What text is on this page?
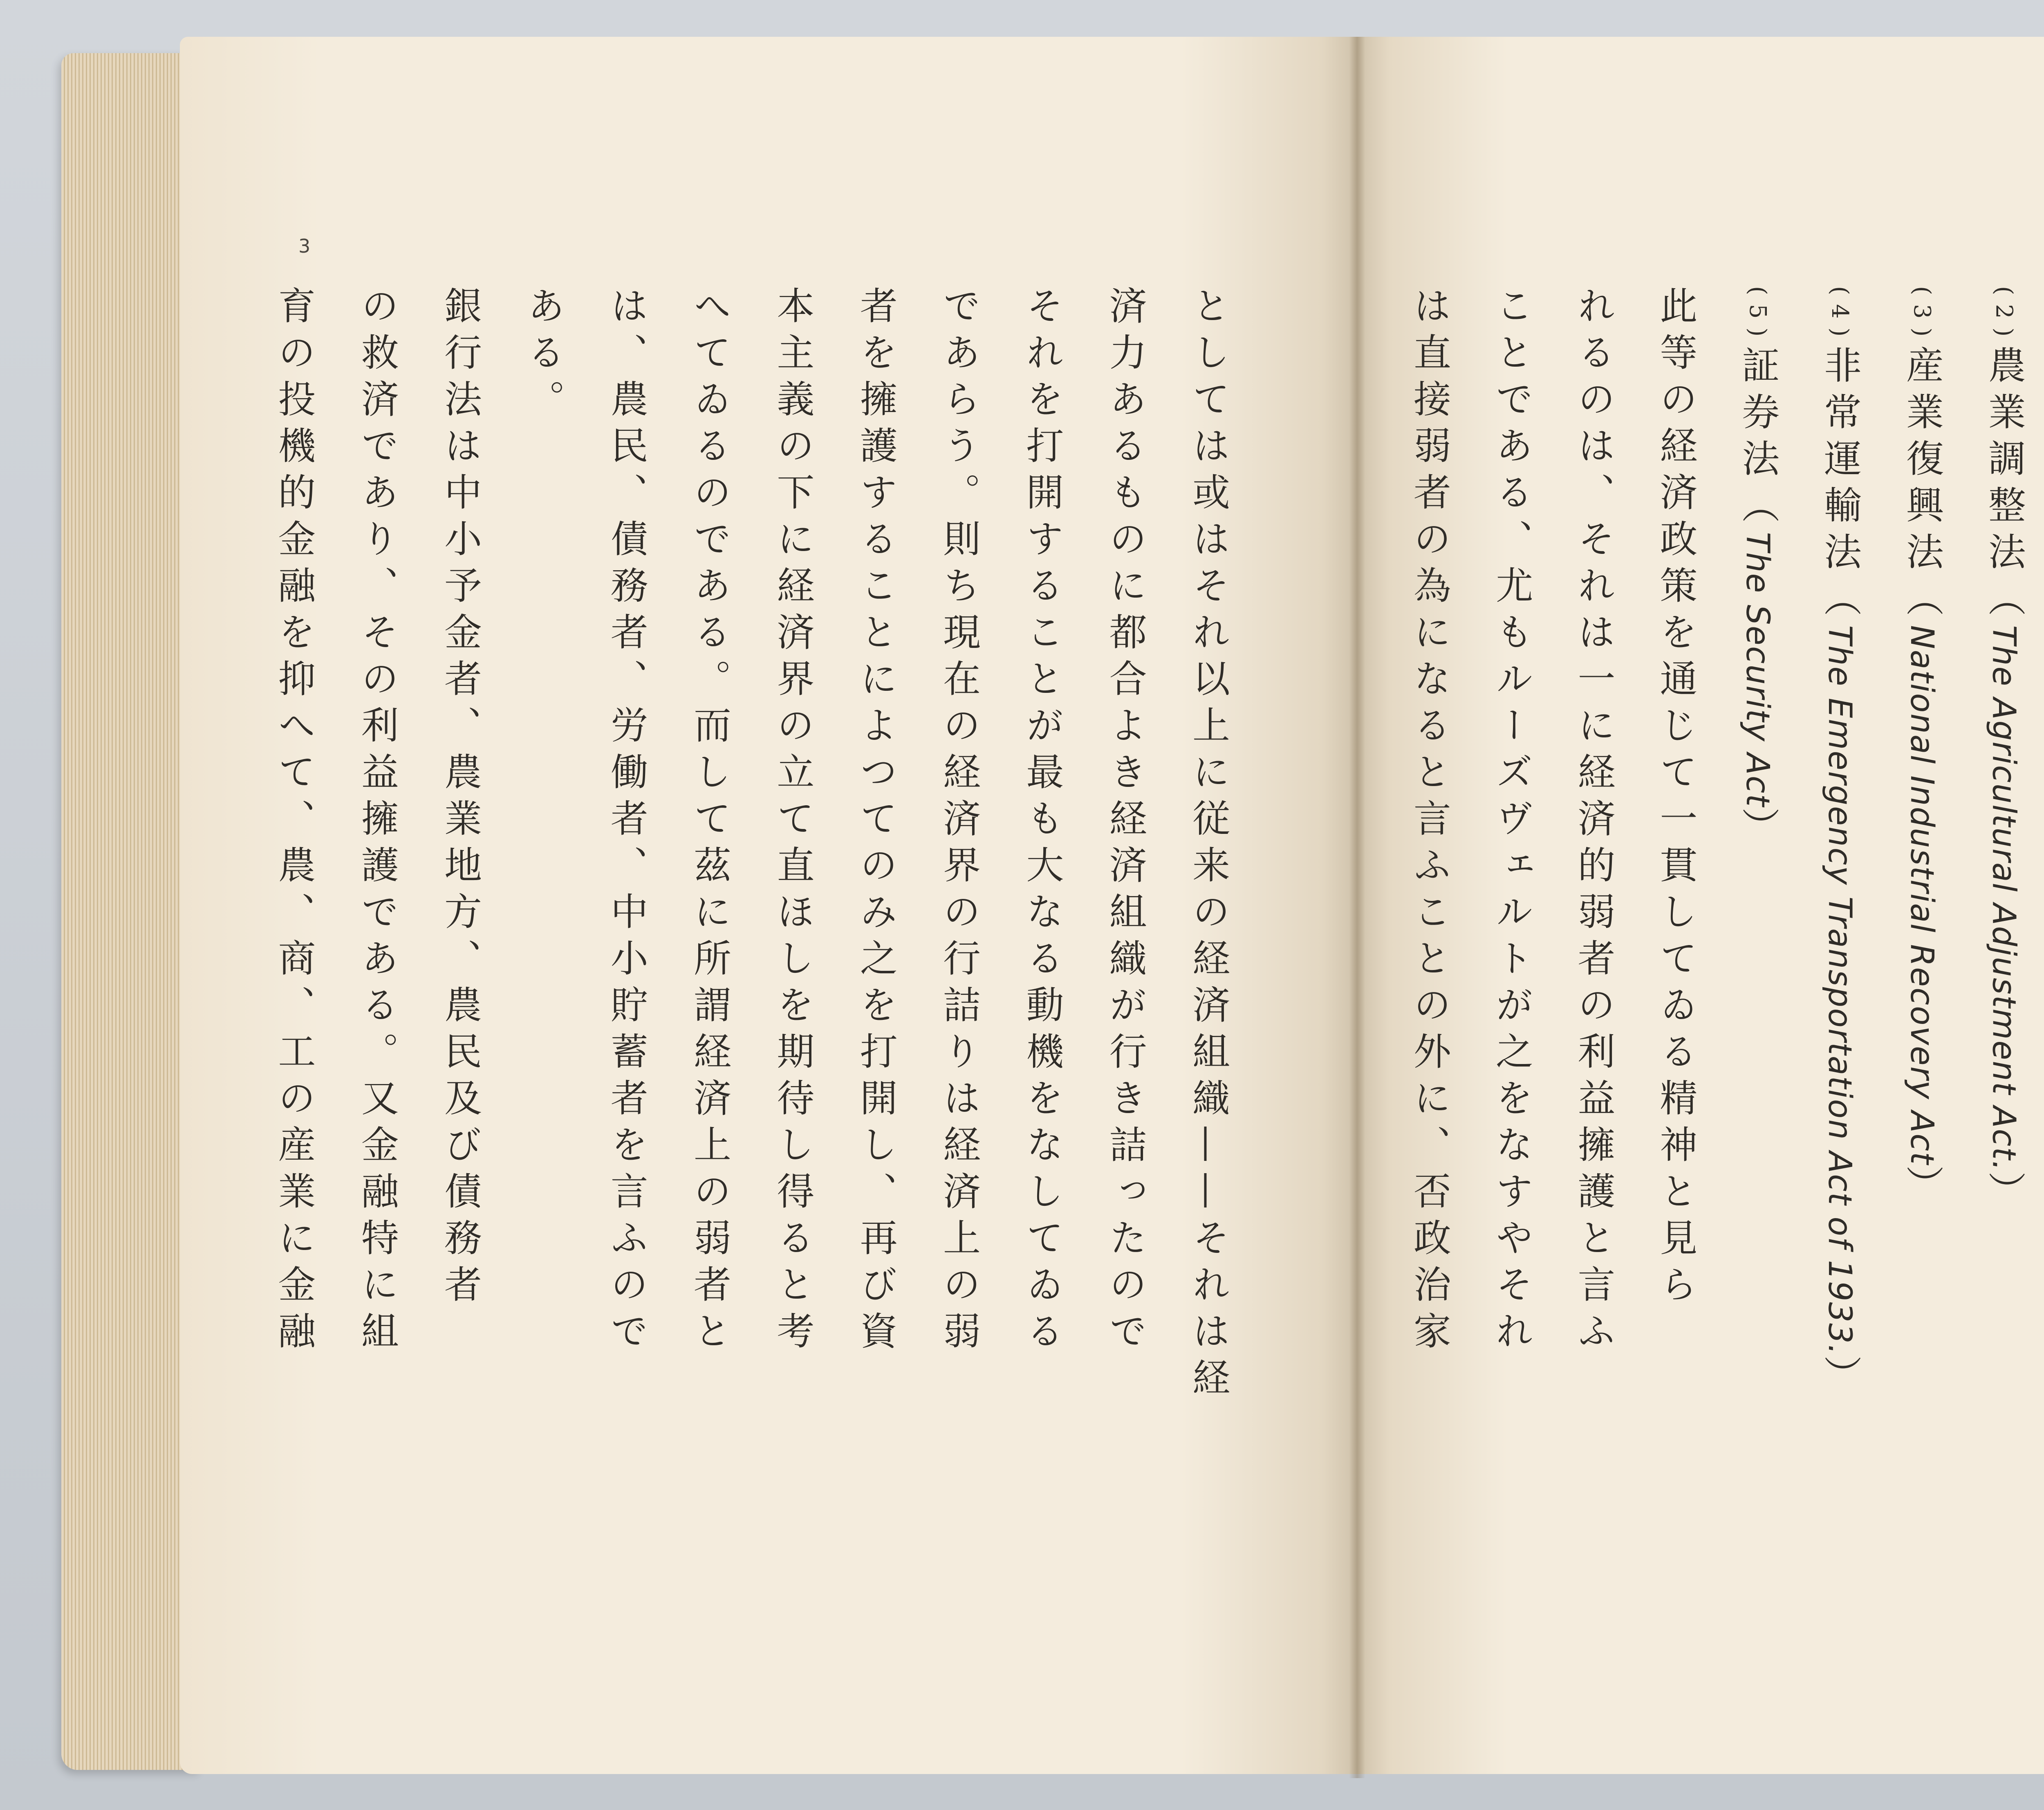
3
としては或はそれ以上に従来の経済組織——それは経
済力あるものに都合よき経済組織が行き詰ったので
それを打開することが最も大なる動機をなしてゐる
であらう。則ち現在の経済界の行詰りは経済上の弱
者を擁護することによつてのみ之を打開し、再び資
本主義の下に経済界の立て直ほしを期待し得ると考
へてゐるのである。而して茲に所謂経済上の弱者と
は、農民、債務者、労働者、中小貯蓄者を言ふので
ある。
銀行法は中小予金者、農業地方、農民及び債務者
の救済であり、その利益擁護である。又金融特に組
育の投機的金融を抑へて、農、商、工の産業に金融	(2)農業調整法（The Agricultural Adjustment Act.）
(3)産業復興法（National Industrial Recovery Act）
(4)非常運輸法（The Emergency Transportation Act of 1933.）
(5)証券法（The Security Act）
此等の経済政策を通じて一貫してゐる精神と見ら
れるのは、それは一に経済的弱者の利益擁護と言ふ
ことである、尤もルーズヴェルトが之をなすやそれ
は直接弱者の為になると言ふことの外に、否政治家
